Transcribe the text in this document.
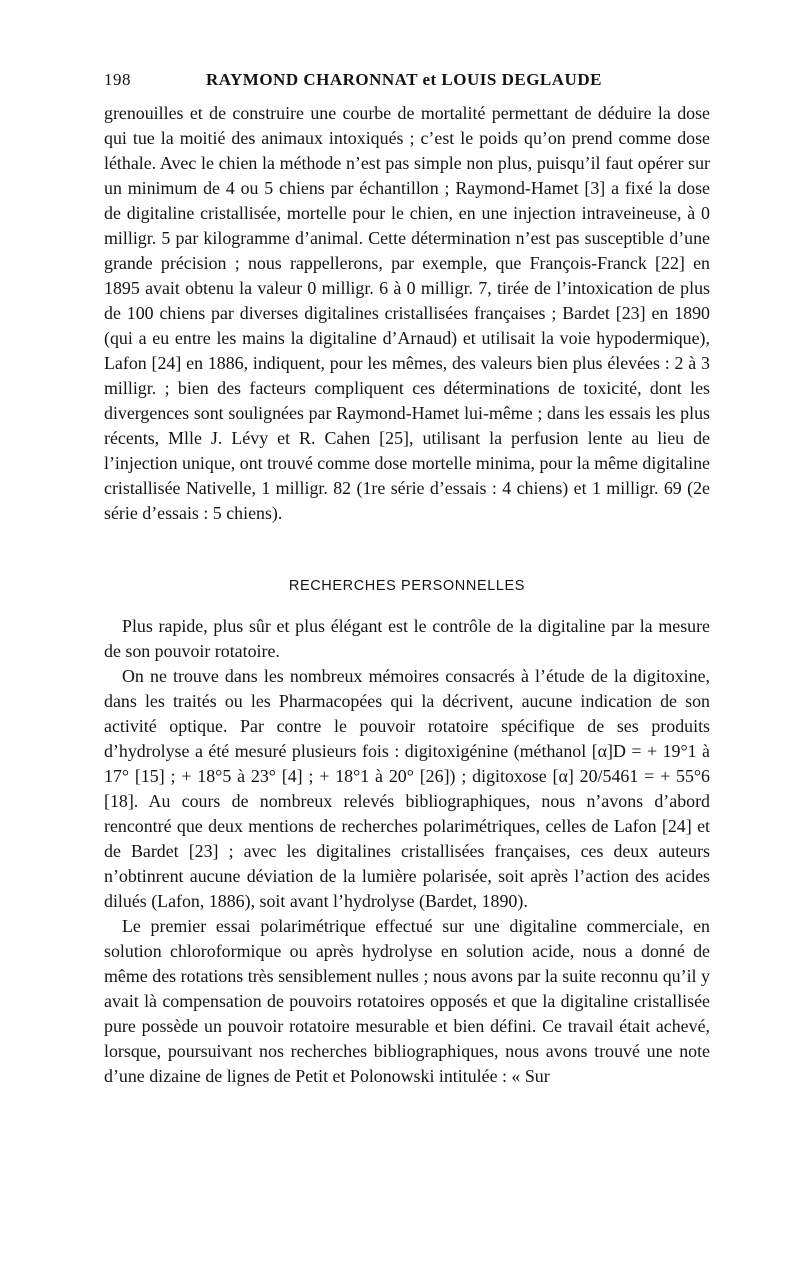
198	RAYMOND CHARONNAT et LOUIS DEGLAUDE

grenouilles et de construire une courbe de mortalité permettant de déduire la dose qui tue la moitié des animaux intoxiqués ; c’est le poids qu’on prend comme dose léthale. Avec le chien la méthode n’est pas simple non plus, puisqu’il faut opérer sur un minimum de 4 ou 5 chiens par échantillon ; Raymond-Hamet [3] a fixé la dose de digitaline cristallisée, mortelle pour le chien, en une injection intraveineuse, à 0 milligr. 5 par kilogramme d’animal. Cette détermination n’est pas susceptible d’une grande précision ; nous rappellerons, par exemple, que François-Franck [22] en 1895 avait obtenu la valeur 0 milligr. 6 à 0 milligr. 7, tirée de l’intoxication de plus de 100 chiens par diverses digitalines cristallisées françaises ; Bardet [23] en 1890 (qui a eu entre les mains la digitaline d’Arnaud) et utilisait la voie hypodermique), Lafon [24] en 1886, indiquent, pour les mêmes, des valeurs bien plus élevées : 2 à 3 milligr. ; bien des facteurs compliquent ces déterminations de toxicité, dont les divergences sont soulignées par Raymond-Hamet lui-même ; dans les essais les plus récents, Mlle J. Lévy et R. Cahen [25], utilisant la perfusion lente au lieu de l’injection unique, ont trouvé comme dose mortelle minima, pour la même digitaline cristallisée Nativelle, 1 milligr. 82 (1re série d’essais : 4 chiens) et 1 milligr. 69 (2e série d’essais : 5 chiens).

RECHERCHES PERSONNELLES

Plus rapide, plus sûr et plus élégant est le contrôle de la digitaline par la mesure de son pouvoir rotatoire.

On ne trouve dans les nombreux mémoires consacrés à l’étude de la digitoxine, dans les traités ou les Pharmacopées qui la décrivent, aucune indication de son activité optique. Par contre le pouvoir rotatoire spécifique de ses produits d’hydrolyse a été mesuré plusieurs fois : digitoxigénine (méthanol [α]D = + 19°1 à 17° [15] ; + 18°5 à 23° [4] ; + 18°1 à 20° [26]) ; digitoxose [α] 20/5461 = + 55°6 [18]. Au cours de nombreux relevés bibliographiques, nous n’avons d’abord rencontré que deux mentions de recherches polarimétriques, celles de Lafon [24] et de Bardet [23] ; avec les digitalines cristallisées françaises, ces deux auteurs n’obtinrent aucune déviation de la lumière polarisée, soit après l’action des acides dilués (Lafon, 1886), soit avant l’hydrolyse (Bardet, 1890).

Le premier essai polarimétrique effectué sur une digitaline commerciale, en solution chloroformique ou après hydrolyse en solution acide, nous a donné de même des rotations très sensiblement nulles ; nous avons par la suite reconnu qu’il y avait là compensation de pouvoirs rotatoires opposés et que la digitaline cristallisée pure possède un pouvoir rotatoire mesurable et bien défini. Ce travail était achevé, lorsque, poursuivant nos recherches bibliographiques, nous avons trouvé une note d’une dizaine de lignes de Petit et Polonowski intitulée : « Sur
